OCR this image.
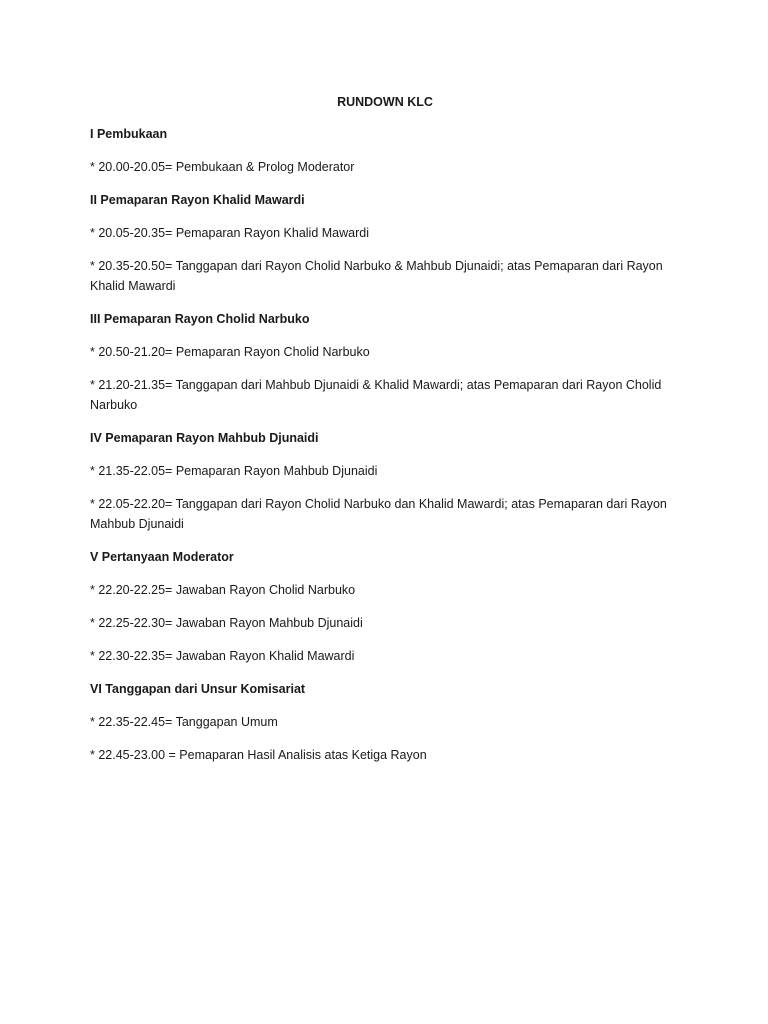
RUNDOWN KLC
I Pembukaan
* 20.00-20.05= Pembukaan & Prolog Moderator
II Pemaparan Rayon Khalid Mawardi
* 20.05-20.35= Pemaparan Rayon Khalid Mawardi
* 20.35-20.50= Tanggapan dari Rayon Cholid Narbuko & Mahbub Djunaidi; atas Pemaparan dari Rayon Khalid Mawardi
III Pemaparan Rayon Cholid Narbuko
* 20.50-21.20= Pemaparan Rayon Cholid Narbuko
* 21.20-21.35= Tanggapan dari Mahbub Djunaidi & Khalid Mawardi; atas Pemaparan dari Rayon Cholid Narbuko
IV Pemaparan Rayon Mahbub Djunaidi
* 21.35-22.05= Pemaparan Rayon Mahbub Djunaidi
* 22.05-22.20= Tanggapan dari Rayon Cholid Narbuko dan Khalid Mawardi; atas Pemaparan dari Rayon Mahbub Djunaidi
V Pertanyaan Moderator
* 22.20-22.25= Jawaban Rayon Cholid Narbuko
* 22.25-22.30= Jawaban Rayon Mahbub Djunaidi
* 22.30-22.35= Jawaban Rayon Khalid Mawardi
VI Tanggapan dari Unsur Komisariat
* 22.35-22.45= Tanggapan Umum
* 22.45-23.00 = Pemaparan Hasil Analisis atas Ketiga Rayon
